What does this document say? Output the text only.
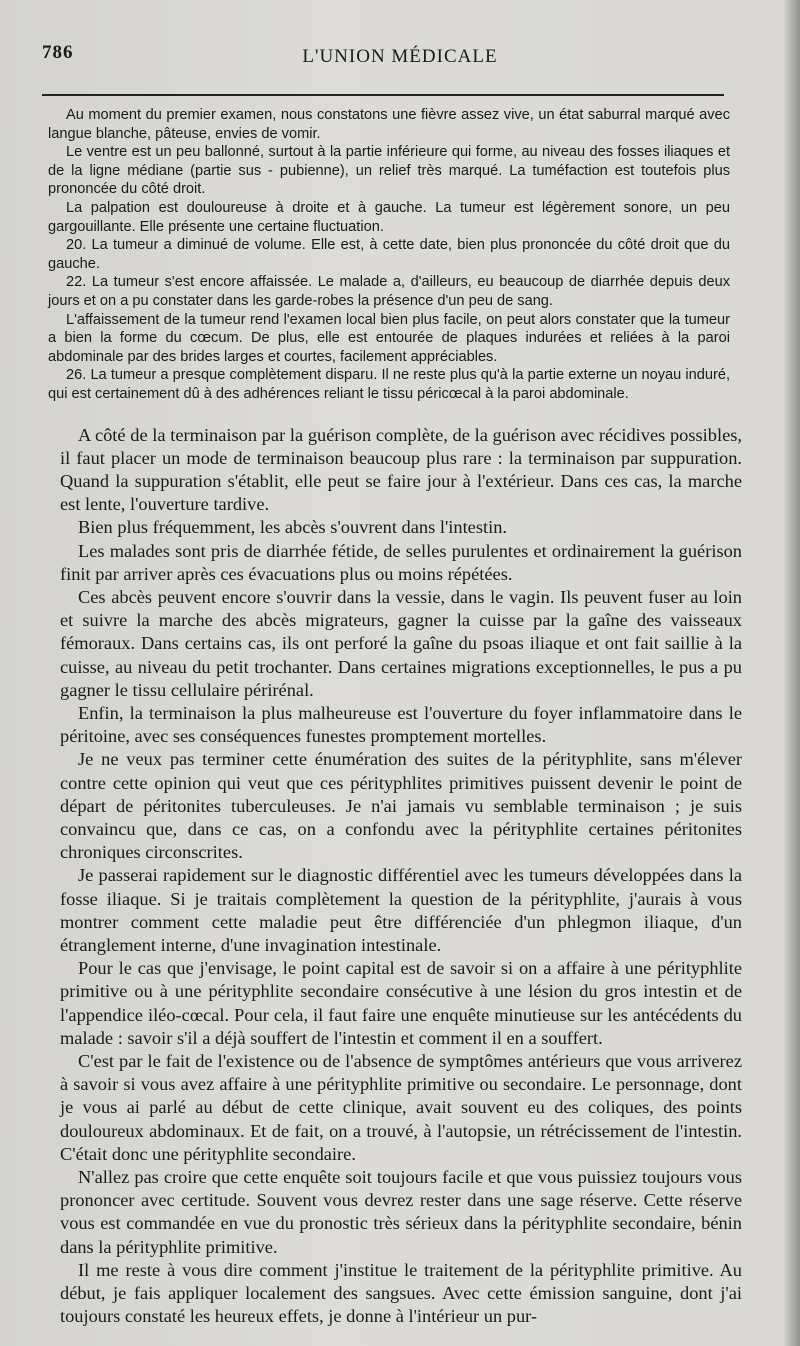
786	L'UNION MÉDICALE

Au moment du premier examen, nous constatons une fièvre assez vive, un état saburral marqué avec langue blanche, pâteuse, envies de vomir.

Le ventre est un peu ballonné, surtout à la partie inférieure qui forme, au niveau des fosses iliaques et de la ligne médiane (partie sus - pubienne), un relief très marqué. La tuméfaction est toutefois plus prononcée du côté droit.

La palpation est douloureuse à droite et à gauche. La tumeur est légèrement sonore, un peu gargouillante. Elle présente une certaine fluctuation.

20. La tumeur a diminué de volume. Elle est, à cette date, bien plus prononcée du côté droit que du gauche.

22. La tumeur s'est encore affaissée. Le malade a, d'ailleurs, eu beaucoup de diarrhée depuis deux jours et on a pu constater dans les garde-robes la présence d'un peu de sang.

L'affaissement de la tumeur rend l'examen local bien plus facile, on peut alors constater que la tumeur a bien la forme du cœcum. De plus, elle est entourée de plaques indurées et reliées à la paroi abdominale par des brides larges et courtes, facilement appréciables.

26. La tumeur a presque complètement disparu. Il ne reste plus qu'à la partie externe un noyau induré, qui est certainement dû à des adhérences reliant le tissu péricœcal à la paroi abdominale.

A côté de la terminaison par la guérison complète, de la guérison avec récidives possibles, il faut placer un mode de terminaison beaucoup plus rare : la terminaison par suppuration. Quand la suppuration s'établit, elle peut se faire jour à l'extérieur. Dans ces cas, la marche est lente, l'ouverture tardive.

Bien plus fréquemment, les abcès s'ouvrent dans l'intestin.

Les malades sont pris de diarrhée fétide, de selles purulentes et ordinairement la guérison finit par arriver après ces évacuations plus ou moins répétées.

Ces abcès peuvent encore s'ouvrir dans la vessie, dans le vagin. Ils peuvent fuser au loin et suivre la marche des abcès migrateurs, gagner la cuisse par la gaîne des vaisseaux fémoraux. Dans certains cas, ils ont perforé la gaîne du psoas iliaque et ont fait saillie à la cuisse, au niveau du petit trochanter. Dans certaines migrations exceptionnelles, le pus a pu gagner le tissu cellulaire périrénal.

Enfin, la terminaison la plus malheureuse est l'ouverture du foyer inflammatoire dans le péritoine, avec ses conséquences funestes promptement mortelles.

Je ne veux pas terminer cette énumération des suites de la pérityphlite, sans m'élever contre cette opinion qui veut que ces pérityphlites primitives puissent devenir le point de départ de péritonites tuberculeuses. Je n'ai jamais vu semblable terminaison ; je suis convaincu que, dans ce cas, on a confondu avec la pérityphlite certaines péritonites chroniques circonscrites.

Je passerai rapidement sur le diagnostic différentiel avec les tumeurs développées dans la fosse iliaque. Si je traitais complètement la question de la pérityphlite, j'aurais à vous montrer comment cette maladie peut être différenciée d'un phlegmon iliaque, d'un étranglement interne, d'une invagination intestinale.

Pour le cas que j'envisage, le point capital est de savoir si on a affaire à une pérityphlite primitive ou à une pérityphlite secondaire consécutive à une lésion du gros intestin et de l'appendice iléo-cœcal. Pour cela, il faut faire une enquête minutieuse sur les antécédents du malade : savoir s'il a déjà souffert de l'intestin et comment il en a souffert.

C'est par le fait de l'existence ou de l'absence de symptômes antérieurs que vous arriverez à savoir si vous avez affaire à une pérityphlite primitive ou secondaire. Le personnage, dont je vous ai parlé au début de cette clinique, avait souvent eu des coliques, des points douloureux abdominaux. Et de fait, on a trouvé, à l'autopsie, un rétrécissement de l'intestin. C'était donc une pérityphlite secondaire.

N'allez pas croire que cette enquête soit toujours facile et que vous puissiez toujours vous prononcer avec certitude. Souvent vous devrez rester dans une sage réserve. Cette réserve vous est commandée en vue du pronostic très sérieux dans la pérityphlite secondaire, bénin dans la pérityphlite primitive.

Il me reste à vous dire comment j'institue le traitement de la pérityphlite primitive. Au début, je fais appliquer localement des sangsues. Avec cette émission sanguine, dont j'ai toujours constaté les heureux effets, je donne à l'intérieur un pur-
